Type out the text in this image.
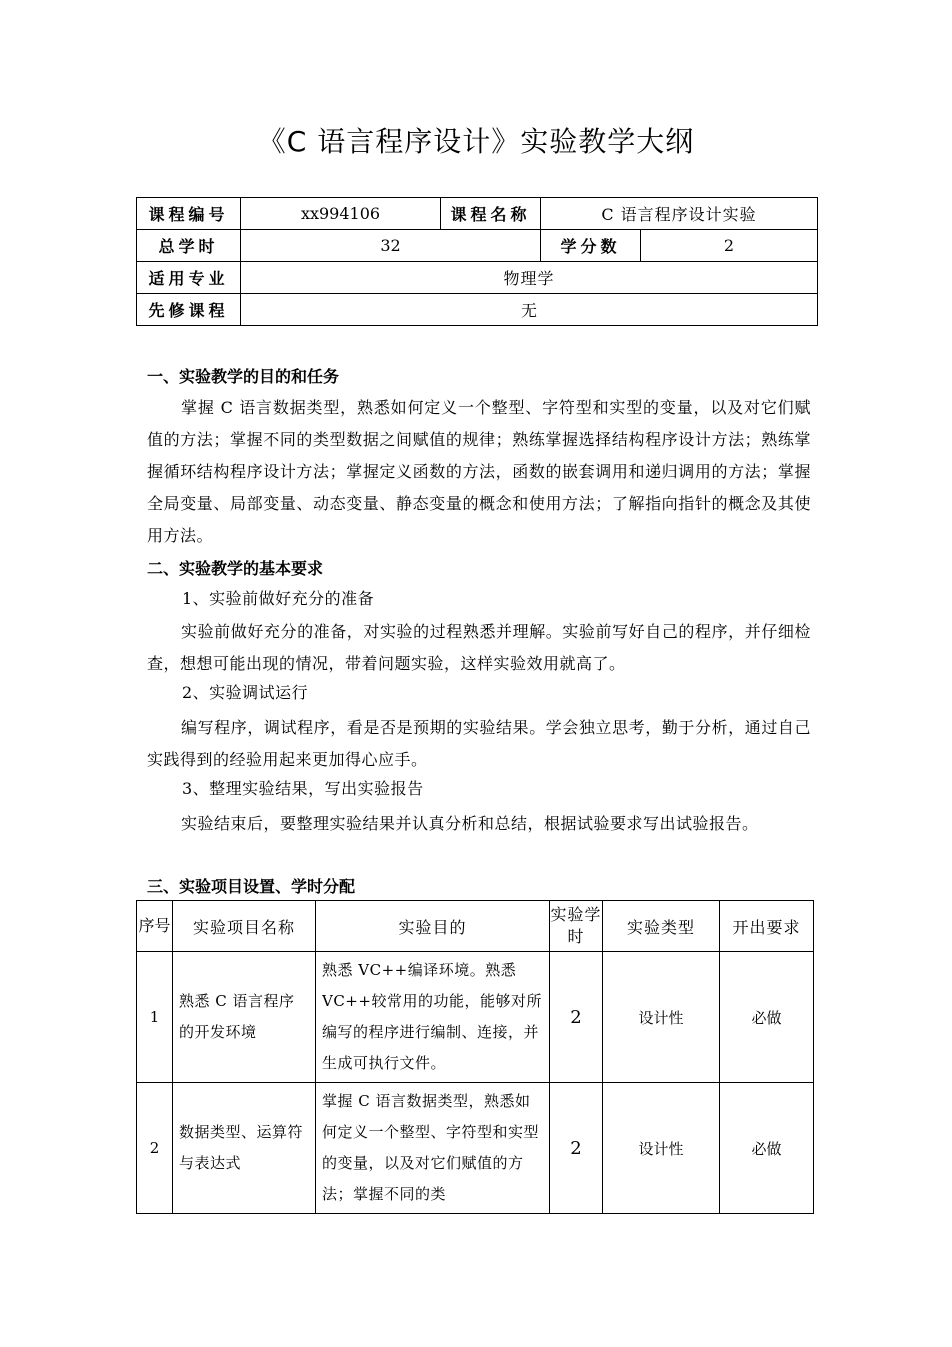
《C 语言程序设计》实验教学大纲
课程编号	xx994106	课程名称	C 语言程序设计实验	
总学时	32		学分数	2
适用专业	物理学			
先修课程	无			
一、实验教学的目的和任务
掌握 C 语言数据类型，熟悉如何定义一个整型、字符型和实型的变量，以及对它们赋值的方法；掌握不同的类型数据之间赋值的规律；熟练掌握选择结构程序设计方法；熟练掌握循环结构程序设计方法；掌握定义函数的方法，函数的嵌套调用和递归调用的方法；掌握全局变量、局部变量、动态变量、静态变量的概念和使用方法；了解指向指针的概念及其使用方法。
二、实验教学的基本要求
1、实验前做好充分的准备
实验前做好充分的准备，对实验的过程熟悉并理解。实验前写好自己的程序，并仔细检查，想想可能出现的情况，带着问题实验，这样实验效用就高了。
2、实验调试运行
编写程序，调试程序，看是否是预期的实验结果。学会独立思考，勤于分析，通过自己实践得到的经验用起来更加得心应手。
3、整理实验结果，写出实验报告
实验结束后，要整理实验结果并认真分析和总结，根据试验要求写出试验报告。
三、实验项目设置、学时分配
序号	实验项目名称	实验目的	实验学时	实验类型	开出要求
1	熟悉 C 语言程序的开发环境	熟悉 VC++编译环境。熟悉 VC++较常用的功能，能够对所编写的程序进行编制、连接，并生成可执行文件。	2	设计性	必做
2	数据类型、运算符与表达式	掌握 C 语言数据类型，熟悉如何定义一个整型、字符型和实型的变量，以及对它们赋值的方法；掌握不同的类	2	设计性	必做
